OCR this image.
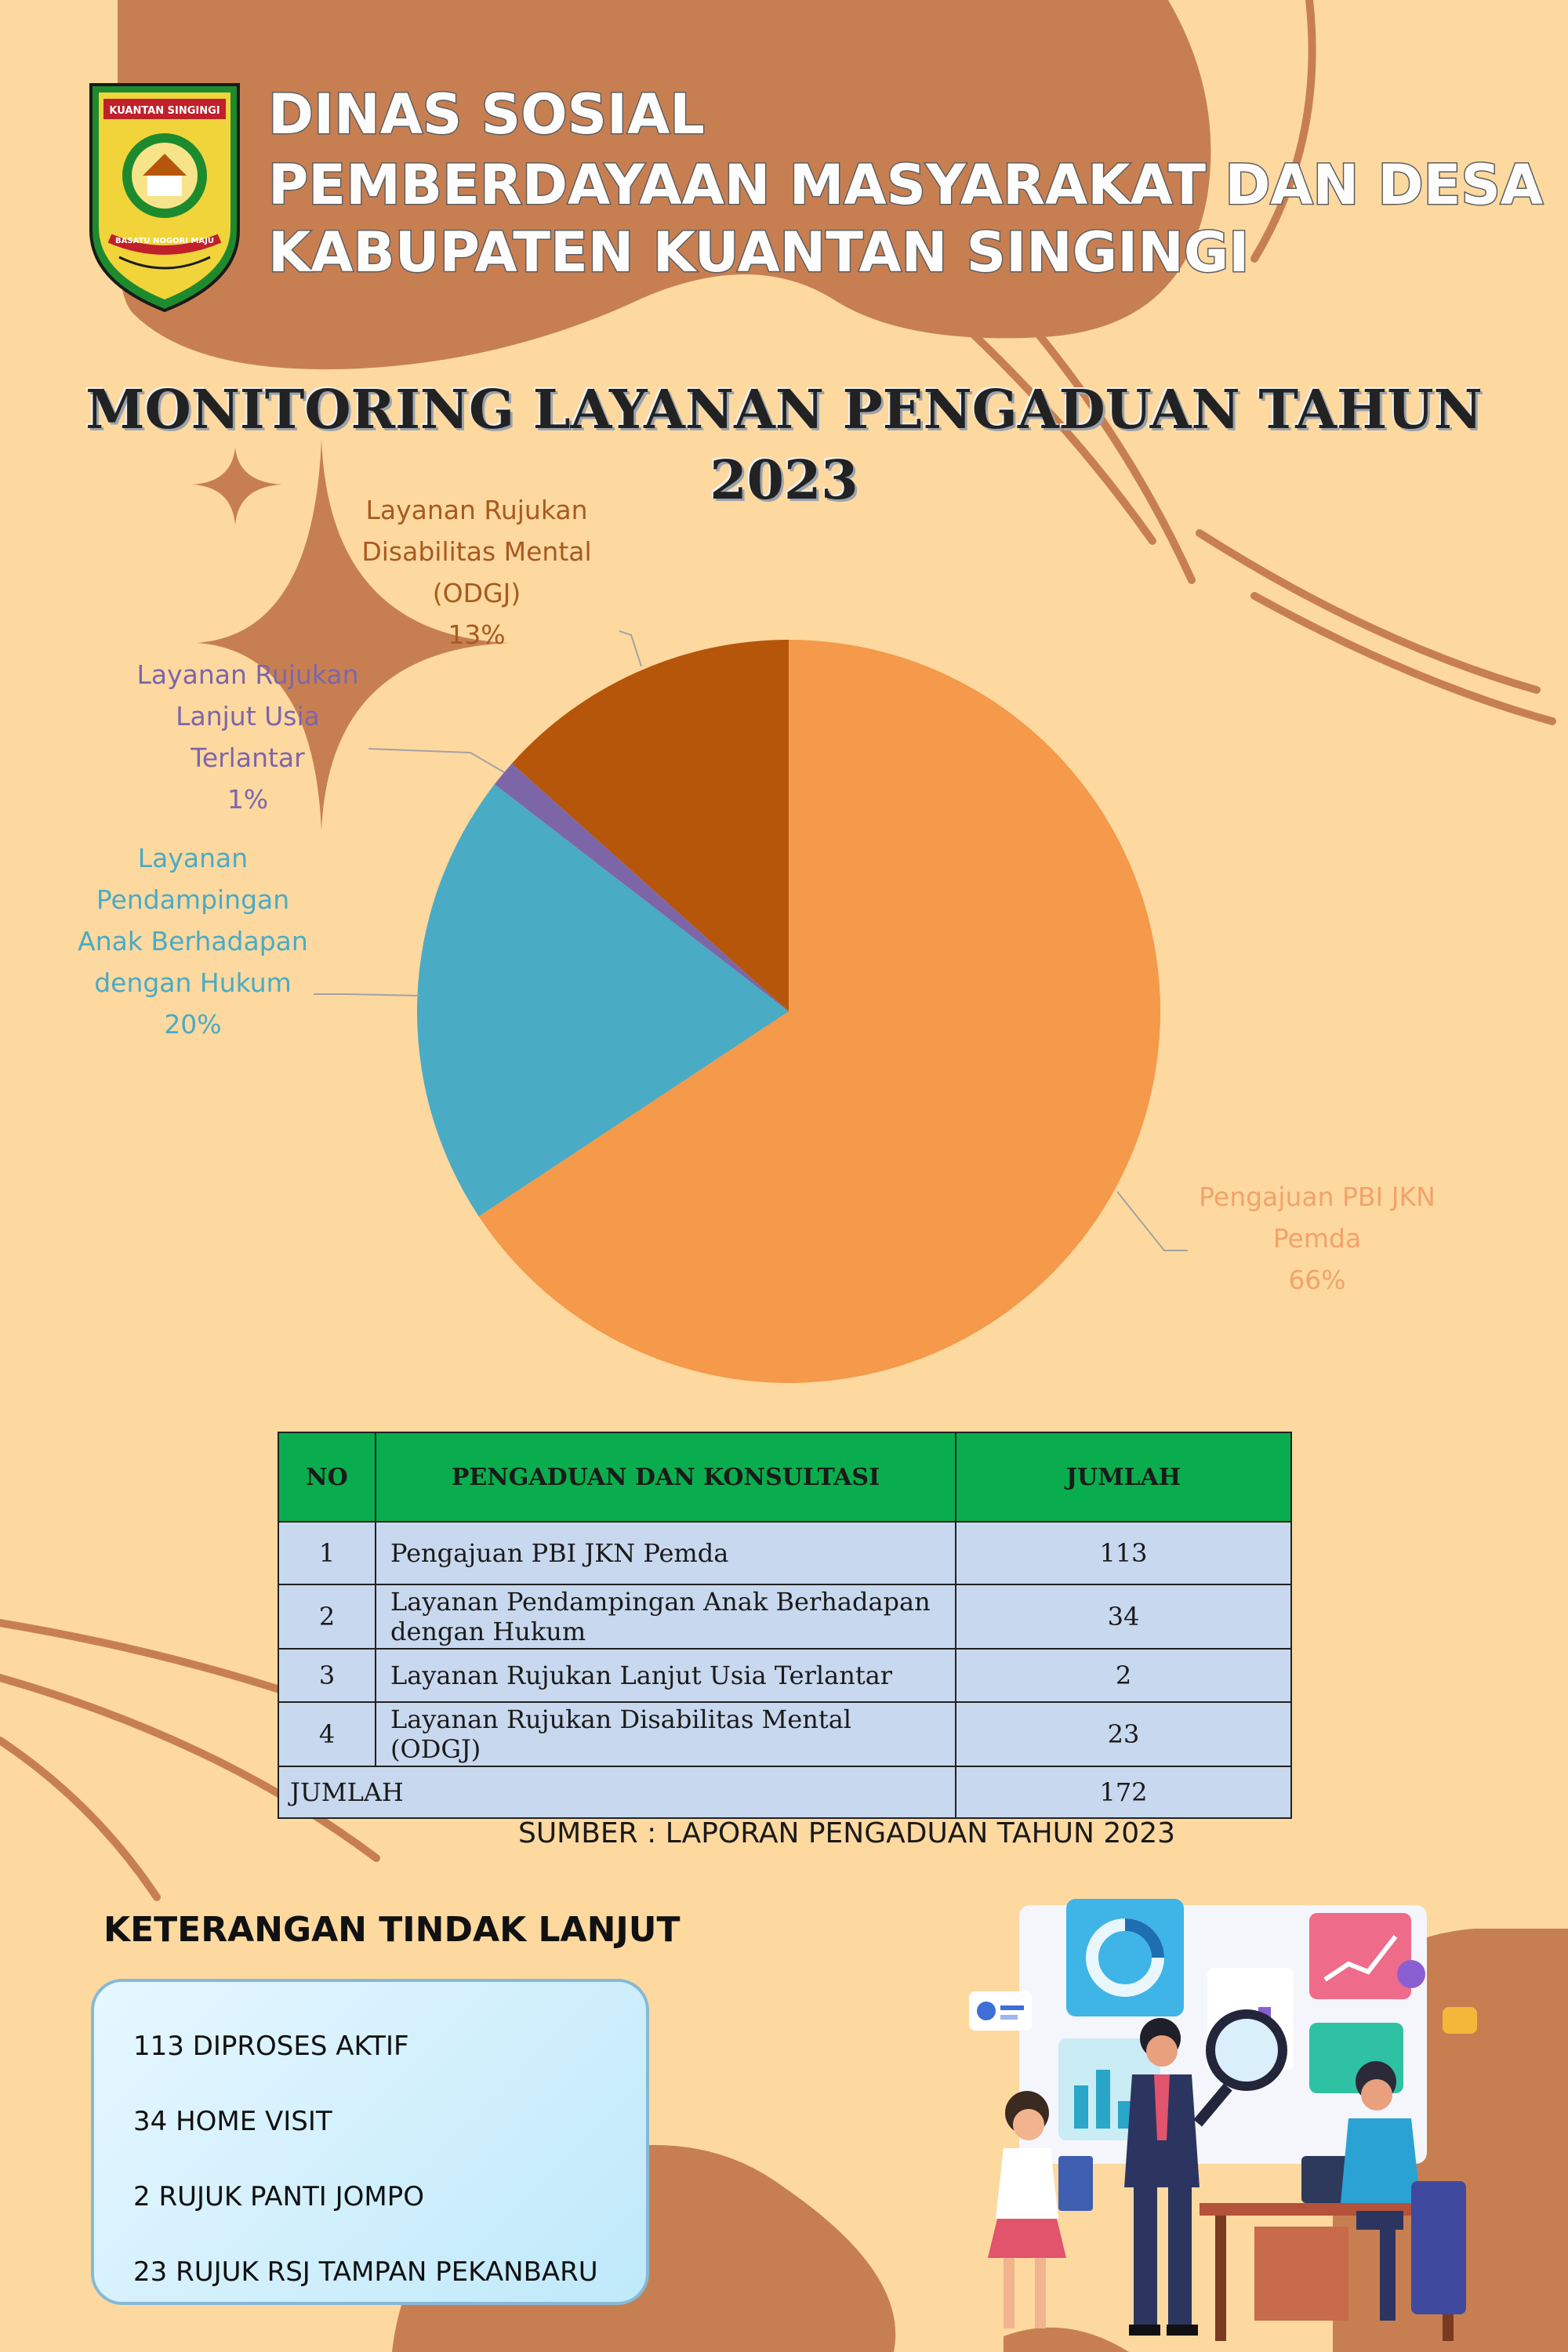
KUANTAN SINGINGI
BASATU NOGORI MAJU
DINAS SOSIAL
PEMBERDAYAAN MASYARAKAT DAN DESA
KABUPATEN KUANTAN SINGINGI
MONITORING LAYANAN PENGADUAN TAHUN 2023
Pengajuan PBI JKN Pemda 66%
Layanan Pendampingan Anak Berhadapan dengan Hukum 20%
Layanan Rujukan Lanjut Usia Terlantar 1%
Layanan Rujukan Disabilitas Mental (ODGJ) 13%
NO	PENGADUAN DAN KONSULTASI	JUMLAH
1	Pengajuan PBI JKN Pemda	113
2	Layanan Pendampingan Anak Berhadapan dengan Hukum	34
3	Layanan Rujukan Lanjut Usia Terlantar	2
4	Layanan Rujukan Disabilitas Mental (ODGJ)	23
JUMLAH		172
SUMBER : LAPORAN PENGADUAN TAHUN 2023
KETERANGAN TINDAK LANJUT
113 DIPROSES AKTIF
34 HOME VISIT
2 RUJUK PANTI JOMPO
23 RUJUK RSJ TAMPAN PEKANBARU
